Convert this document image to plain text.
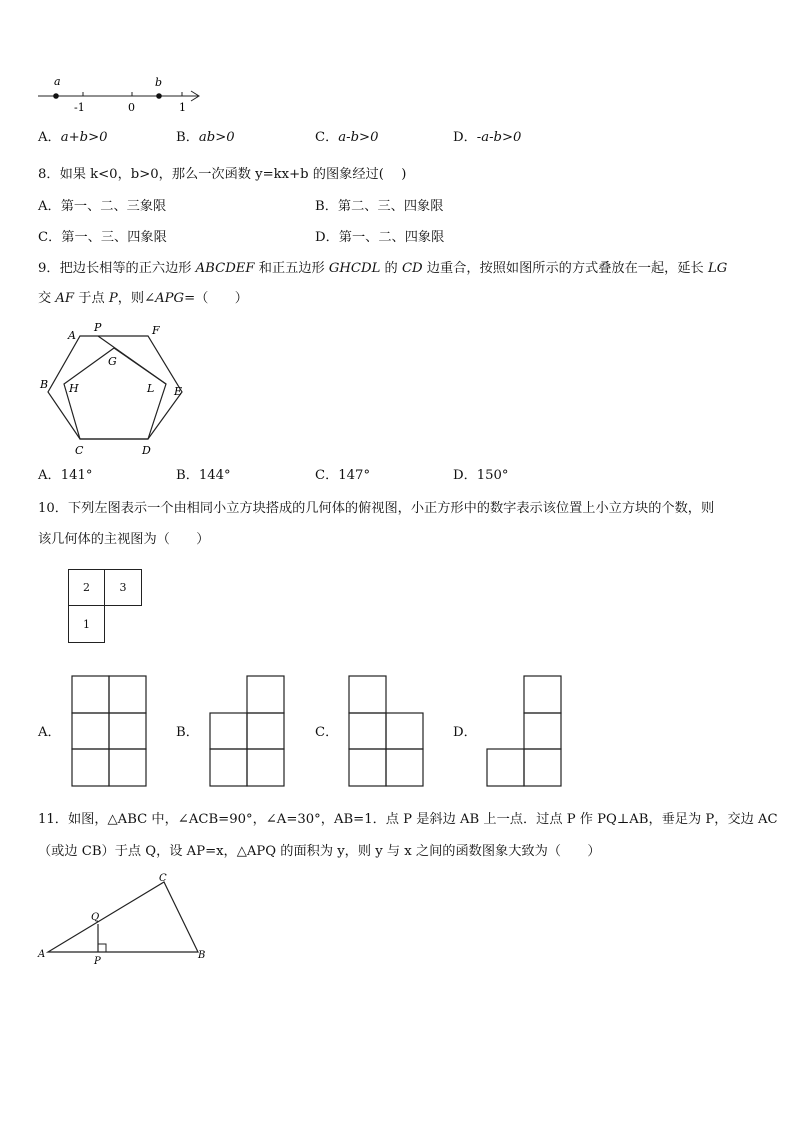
a	b
-1	0	1
A．a+b>0	B．ab>0	C．a-b>0	D．-a-b>0
8．如果 k<0，b>0，那么一次函数 y=kx+b 的图象经过(　 )
A．第一、二、三象限	B．第二、三、四象限
C．第一、三、四象限	D．第一、二、四象限
9．把边长相等的正六边形 ABCDEF 和正五边形 GHCDL 的 CD 边重合，按照如图所示的方式叠放在一起，延长 LG
交 AF 于点 P，则∠APG=（　　）
A
P	F
G
B H	L E
C	D
A．141°	B．144°	C．147°	D．150°
10．下列左图表示一个由相同小立方块搭成的几何体的俯视图，小正方形中的数字表示该位置上小立方块的个数，则
该几何体的主视图为（　　）
2	3
1
A．	B．	C．	D．
11．如图，△ABC 中，∠ACB=90°，∠A=30°，AB=1．点 P 是斜边 AB 上一点．过点 P 作 PQ⊥AB，垂足为 P，交边 AC
（或边 CB）于点 Q，设 AP=x，△APQ 的面积为 y，则 y 与 x 之间的函数图象大致为（　　）
C
Q
A
P
B
